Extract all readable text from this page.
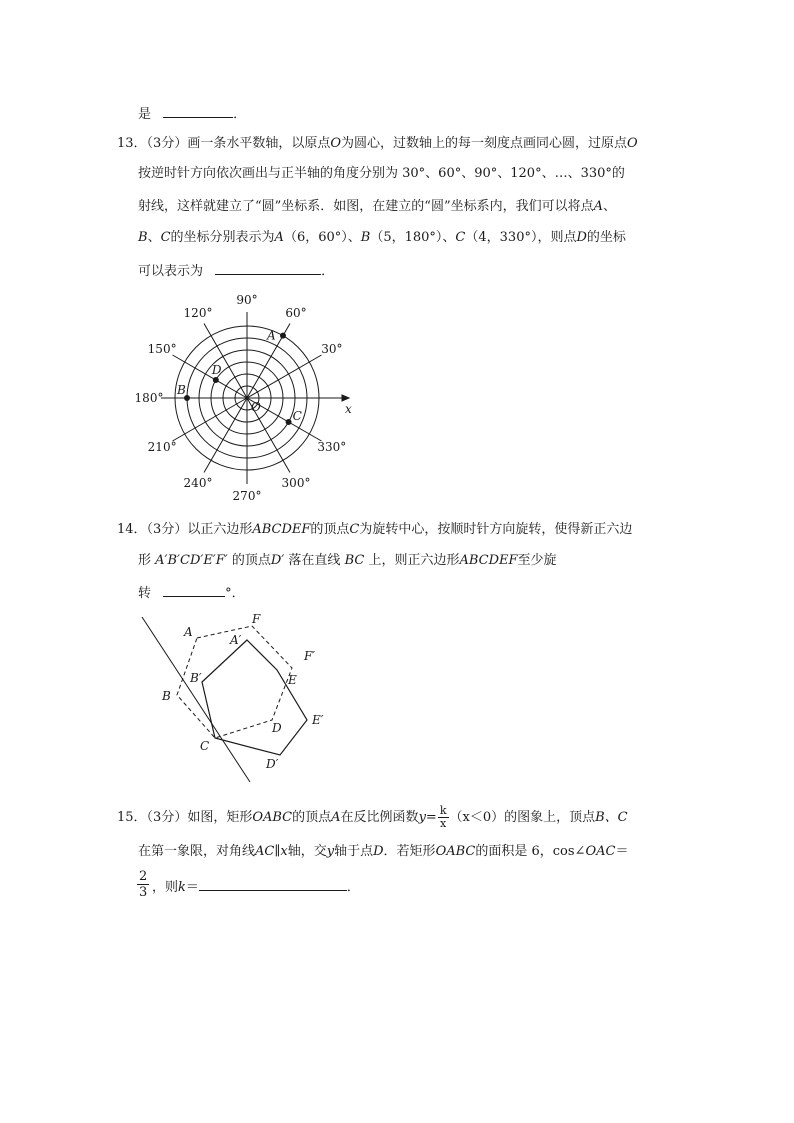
是	．
13．（3分）画一条水平数轴，以原点O为圆心，过数轴上的每一刻度点画同心圆，过原点O
按逆时针方向依次画出与正半轴的角度分别为 30°、60°、90°、120°、…、330°的
射线，这样就建立了“圆”坐标系．如图，在建立的“圆”坐标系内，我们可以将点A、
B、C的坐标分别表示为A（6，60°）、B（5，180°）、C（4，330°），则点D的坐标
可以表示为	．
30°
60°
90°
120°
150°
180°
210°
240°
270°
300°
330°
A
B
C
D
O	x
14．（3分）以正六边形ABCDEF的顶点C为旋转中心，按顺时针方向旋转，使得新正六边
形 A′B′CD′E′F′ 的顶点D′ 落在直线 BC 上，则正六边形ABCDEF至少旋
转	°．
A
A′
F
F′
B′	E
B
D
E′
C
D′
15．（3分）如图，矩形OABC的顶点A在反比例函数$y= \frac{k}{x} (x<0)$的图象上，顶点B、C
在第一象限，对角线AC∥x轴，交y轴于点D．若矩形OABC的面积是 6，cos∠OAC＝
$\frac{2}{3}$ ，则k＝	．
